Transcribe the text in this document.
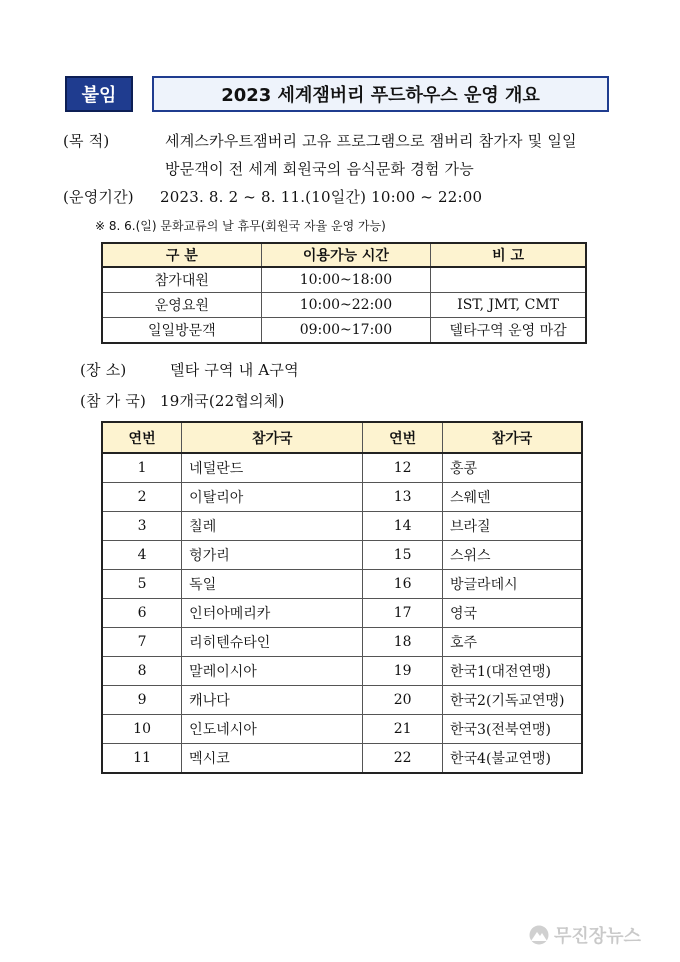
붙임	2023 세계잼버리 푸드하우스 운영 개요
(목 적)	세계스카우트잼버리 고유 프로그램으로 잼버리 참가자 및 일일
방문객이 전 세계 회원국의 음식문화 경험 가능
(운영기간) 2023. 8. 2 ~ 8. 11.(10일간) 10:00 ~ 22:00
※ 8. 6.(일) 문화교류의 날 휴무(회원국 자율 운영 가능)
구 분	이용가능 시간	비 고
참가대원	10:00~18:00	
운영요원	10:00~22:00	IST, JMT, CMT
일일방문객	09:00~17:00	델타구역 운영 마감
(장 소)	델타 구역 내 A구역
(참 가 국) 19개국(22협의체)
연번	참가국	연번	참가국
1	네덜란드	12	홍콩
2	이탈리아	13	스웨덴
3	칠레	14	브라질
4	헝가리	15	스위스
5	독일	16	방글라데시
6	인터아메리카	17	영국
7	리히텐슈타인	18	호주
8	말레이시아	19	한국1(대전연맹)
9	캐나다	20	한국2(기독교연맹)
10	인도네시아	21	한국3(전북연맹)
11	멕시코	22	한국4(불교연맹)
무진장뉴스
